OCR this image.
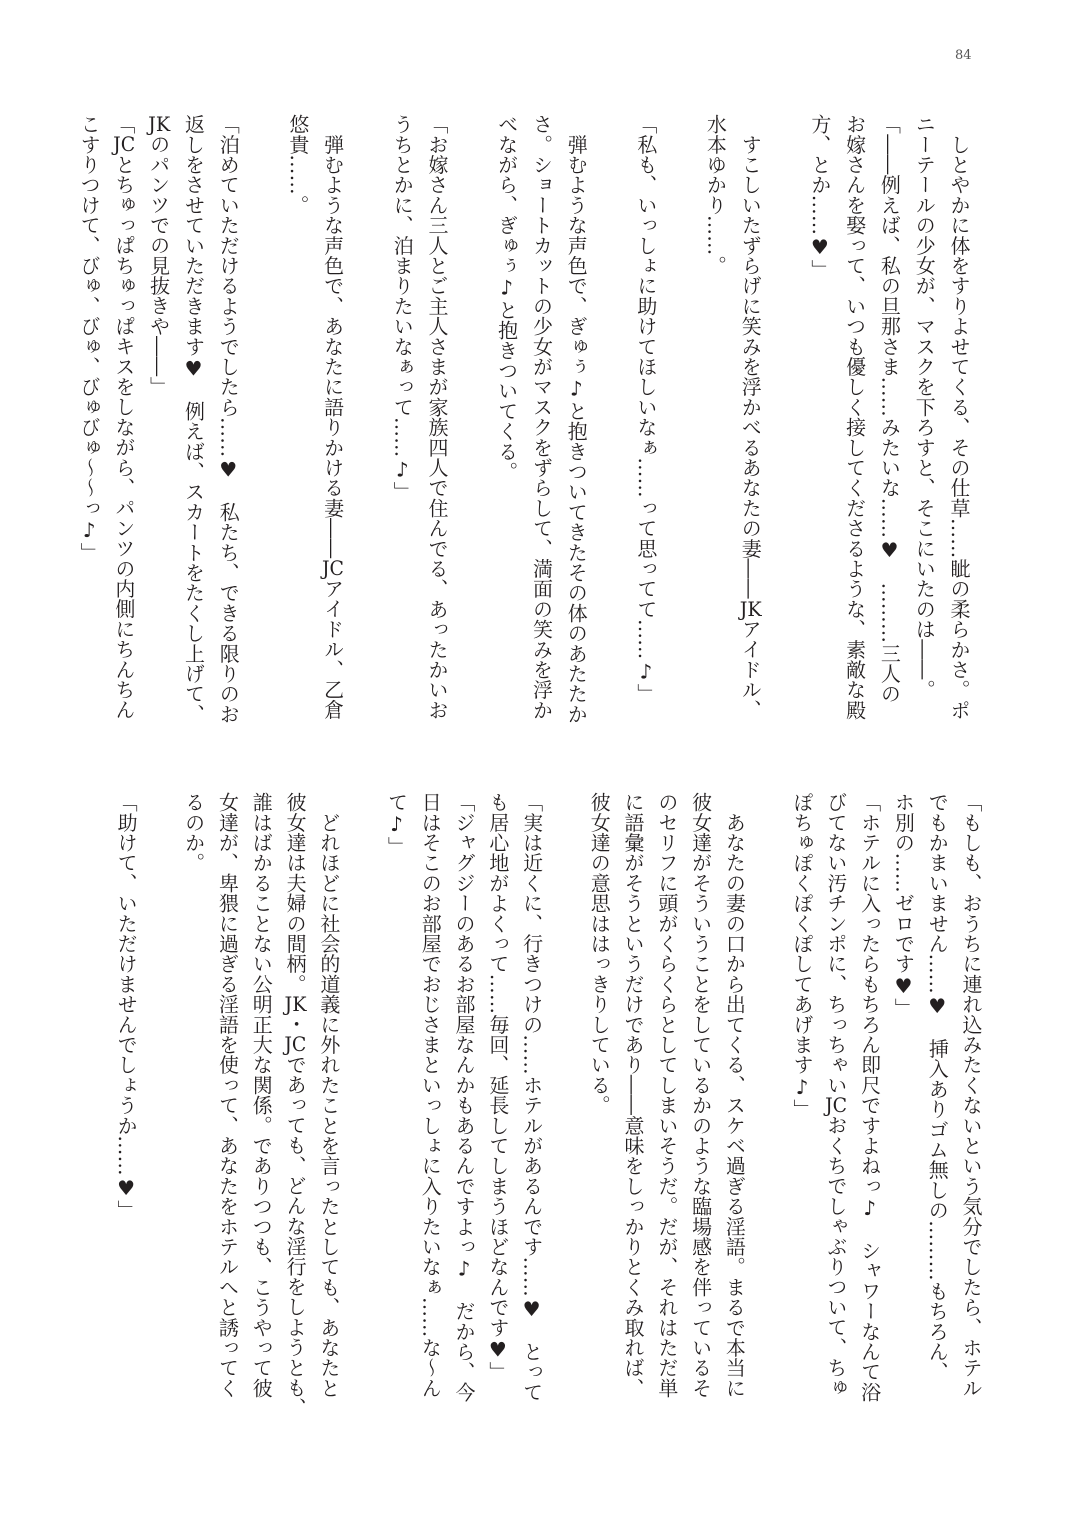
84
　しとやかに体をすりよせてくる、その仕草……眦の柔らかさ。ポ
ニーテールの少女が、マスクを下ろすと、そこにいたのは――。
「――例えば、私の旦那さま……みたいな……♥　………三人の
お嫁さんを娶って、いつも優しく接してくださるような、素敵な殿
方、とか……♥」
　すこしいたずらげに笑みを浮かべるあなたの妻――JKアイドル、
水本ゆかり……。
「私も、いっしょに助けてほしいなぁ……って思ってて……♪」
　弾むような声色で、ぎゅぅ♪と抱きついてきたその体のあたたか
さ。ショートカットの少女がマスクをずらして、満面の笑みを浮か
べながら、ぎゅぅ♪と抱きついてくる。
「お嫁さん三人とご主人さまが家族四人で住んでる、あったかいお
うちとかに、泊まりたいなぁって……♪」
　弾むような声色で、あなたに語りかける妻――JCアイドル、乙倉
悠貴……。
「泊めていただけるようでしたら……♥　私たち、できる限りのお
返しをさせていただきます♥　例えば、スカートをたくし上げて、
JKのパンツでの見抜きや――」
「JCとちゅっぱちゅっぱキスをしながら、パンツの内側にちんちん
こすりつけて、びゅ、びゅ、びゅびゅ～～っ♪」
「もしも、おうちに連れ込みたくないという気分でしたら、ホテル
でもかまいません……♥　挿入ありゴム無しの………もちろん、
ホ別の……ゼロです♥」
「ホテルに入ったらもちろん即尺ですよねっ♪　シャワーなんて浴
びてない汚チンポに、ちっちゃいJCおくちでしゃぶりついて、ちゅ
ぽちゅぽくぽくぽしてあげます♪」
　あなたの妻の口から出てくる、スケベ過ぎる淫語。まるで本当に
彼女達がそういうことをしているかのような臨場感を伴っているそ
のセリフに頭がくらくらとしてしまいそうだ。だが、それはただ単
に語彙がそうというだけであり――意味をしっかりとくみ取れば、
彼女達の意思ははっきりしている。
「実は近くに、行きつけの……ホテルがあるんです……♥　とって
も居心地がよくって……毎回、延長してしまうほどなんです♥」
「ジャグジーのあるお部屋なんかもあるんですよっ♪　だから、今
日はそこのお部屋でおじさまといっしょに入りたいなぁ……な～ん
て♪」
　どれほどに社会的道義に外れたことを言ったとしても、あなたと
彼女達は夫婦の間柄。JK・JCであっても、どんな淫行をしようとも、
誰はばかることない公明正大な関係。でありつつも、こうやって彼
女達が、卑猥に過ぎる淫語を使って、あなたをホテルへと誘ってく
るのか。
「助けて、いただけませんでしょうか……♥」
